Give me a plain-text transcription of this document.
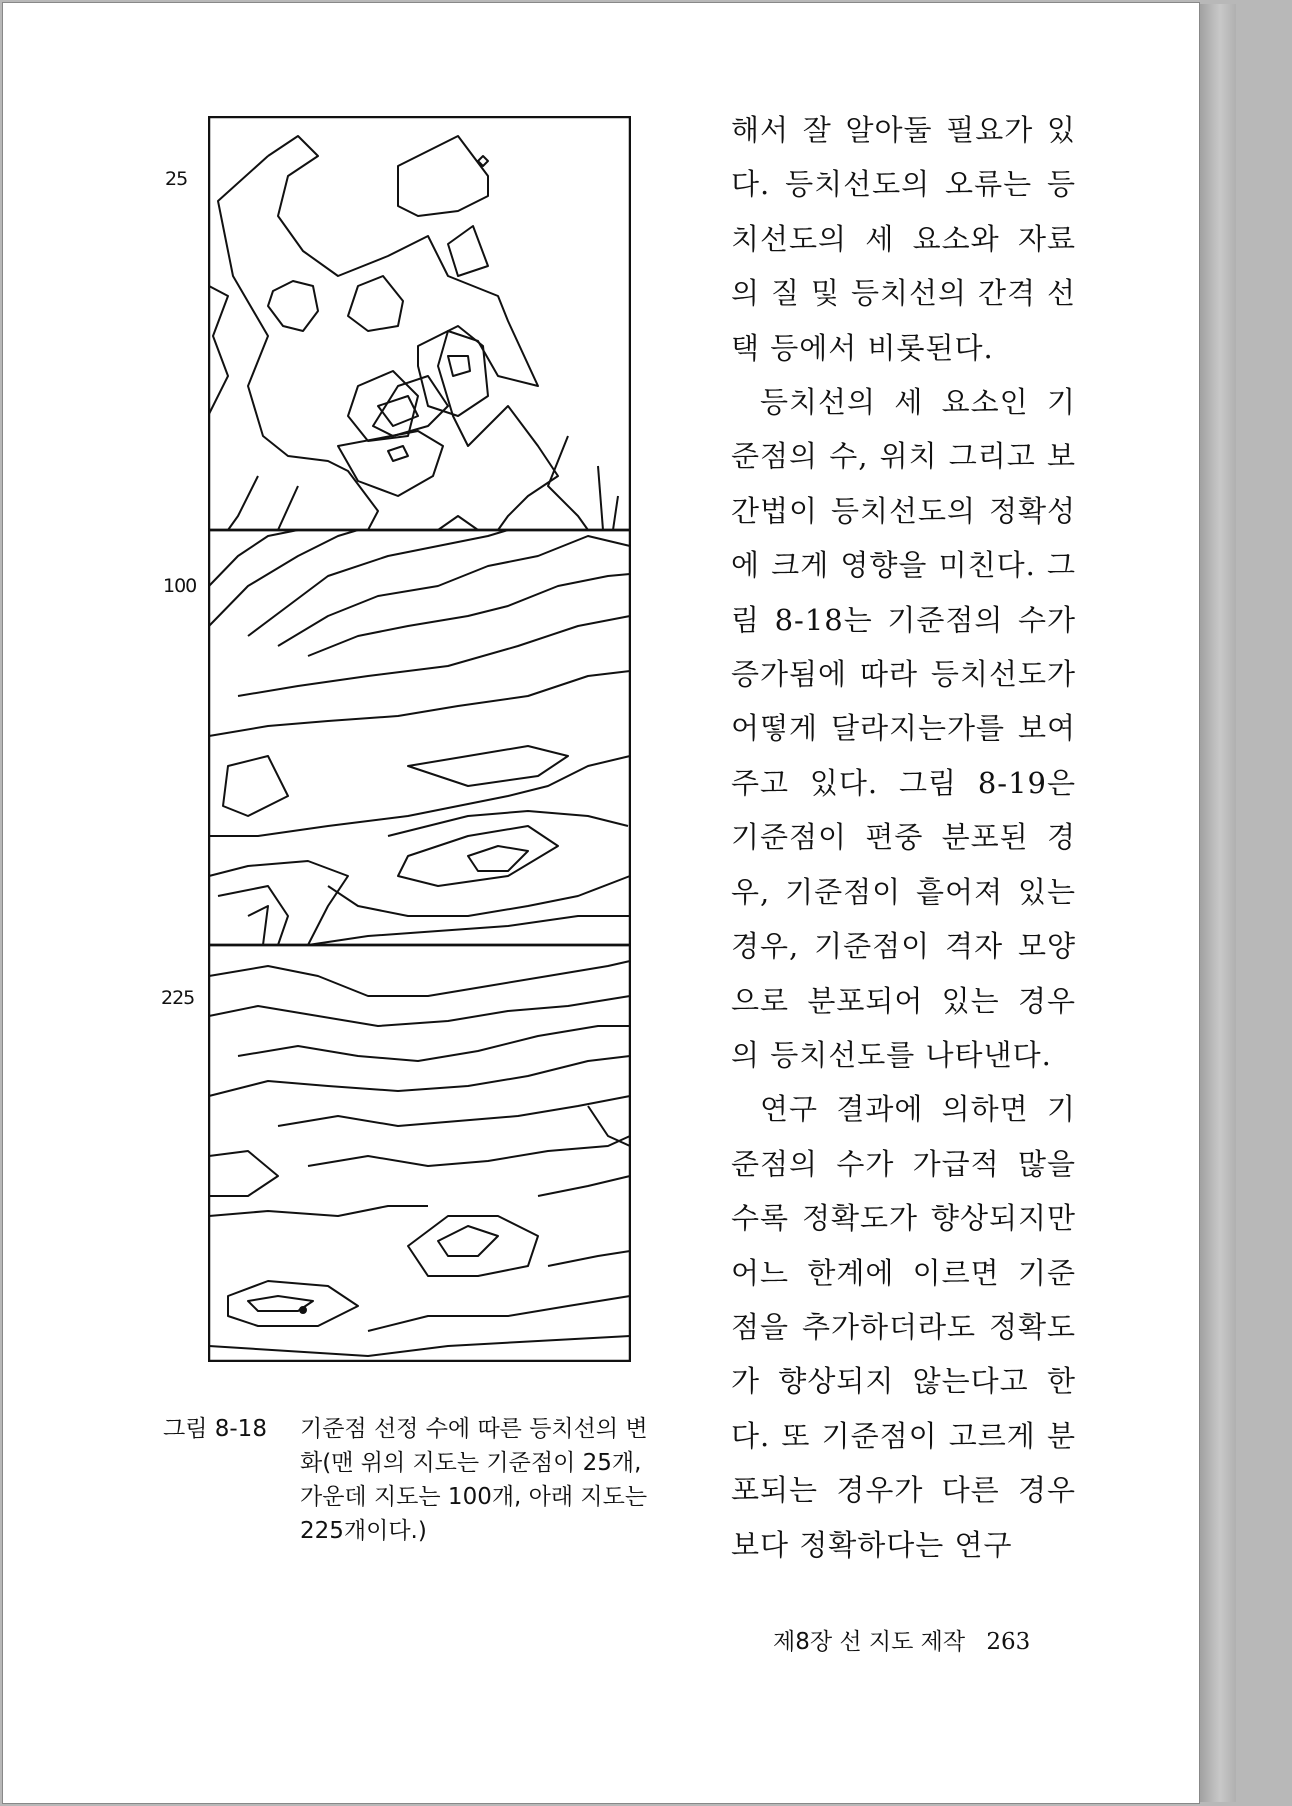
25
100
225
그림 8-18 기준점 선정 수에 따른 등치선의 변화(맨 위의 지도는 기준점이 25개, 가운데 지도는 100개, 아래 지도는 225개이다.)

해서 잘 알아둘 필요가 있다. 등치선도의 오류는 등치선도의 세 요소와 자료의 질 및 등치선의 간격 선택 등에서 비롯된다.

등치선의 세 요소인 기준점의 수, 위치 그리고 보간법이 등치선도의 정확성에 크게 영향을 미친다. 그림 8-18는 기준점의 수가 증가됨에 따라 등치선도가 어떻게 달라지는가를 보여 주고 있다. 그림 8-19은 기준점이 편중 분포된 경우, 기준점이 흩어져 있는 경우, 기준점이 격자 모양으로 분포되어 있는 경우의 등치선도를 나타낸다.

연구 결과에 의하면 기준점의 수가 가급적 많을수록 정확도가 향상되지만 어느 한계에 이르면 기준점을 추가하더라도 정확도가 향상되지 않는다고 한다. 또 기준점이 고르게 분포되는 경우가 다른 경우보다 정확하다는 연구

제8장 선 지도 제작 263
